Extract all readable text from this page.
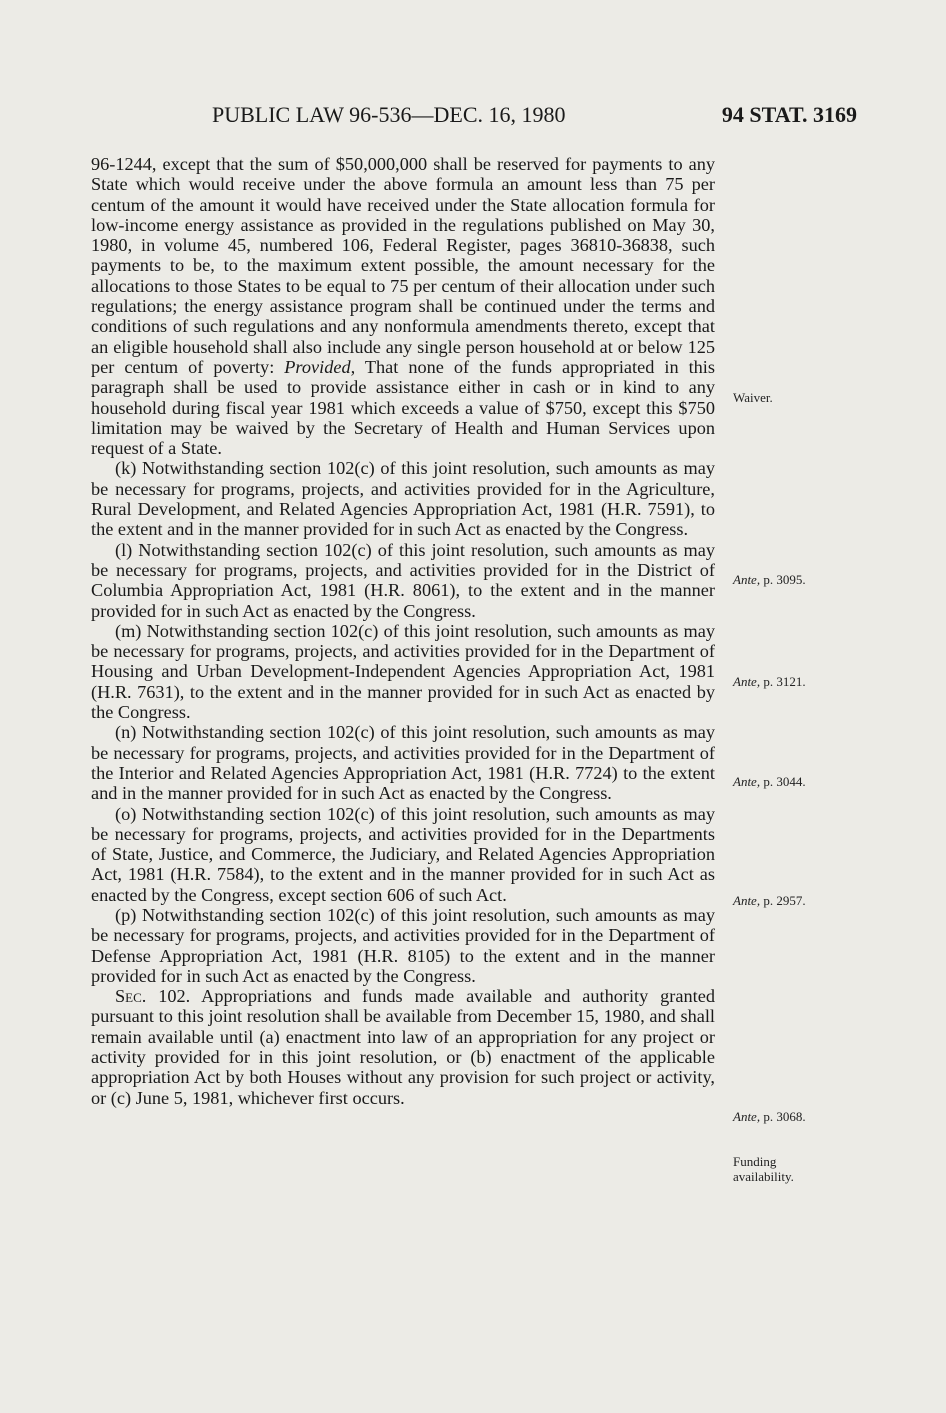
PUBLIC LAW 96-536—DEC. 16, 1980	94 STAT. 3169

96-1244, except that the sum of $50,000,000 shall be reserved for payments to any State which would receive under the above formula an amount less than 75 per centum of the amount it would have received under the State allocation formula for low-income energy assistance as provided in the regulations published on May 30, 1980, in volume 45, numbered 106, Federal Register, pages 36810-36838, such payments to be, to the maximum extent possible, the amount necessary for the allocations to those States to be equal to 75 per centum of their allocation under such regulations; the energy assistance program shall be continued under the terms and conditions of such regulations and any nonformula amendments thereto, except that an eligible household shall also include any single person household at or below 125 per centum of poverty: Provided, That none of the funds appropriated in this paragraph shall be used to provide assistance either in cash or in kind to any household during fiscal year 1981 which exceeds a value of $750, except this $750 limitation may be waived by the Secretary of Health and Human Services upon request of a State.

(k) Notwithstanding section 102(c) of this joint resolution, such amounts as may be necessary for programs, projects, and activities provided for in the Agriculture, Rural Development, and Related Agencies Appropriation Act, 1981 (H.R. 7591), to the extent and in the manner provided for in such Act as enacted by the Congress.

(l) Notwithstanding section 102(c) of this joint resolution, such amounts as may be necessary for programs, projects, and activities provided for in the District of Columbia Appropriation Act, 1981 (H.R. 8061), to the extent and in the manner provided for in such Act as enacted by the Congress.

(m) Notwithstanding section 102(c) of this joint resolution, such amounts as may be necessary for programs, projects, and activities provided for in the Department of Housing and Urban Development-Independent Agencies Appropriation Act, 1981 (H.R. 7631), to the extent and in the manner provided for in such Act as enacted by the Congress.

(n) Notwithstanding section 102(c) of this joint resolution, such amounts as may be necessary for programs, projects, and activities provided for in the Department of the Interior and Related Agencies Appropriation Act, 1981 (H.R. 7724) to the extent and in the manner provided for in such Act as enacted by the Congress.

(o) Notwithstanding section 102(c) of this joint resolution, such amounts as may be necessary for programs, projects, and activities provided for in the Departments of State, Justice, and Commerce, the Judiciary, and Related Agencies Appropriation Act, 1981 (H.R. 7584), to the extent and in the manner provided for in such Act as enacted by the Congress, except section 606 of such Act.

(p) Notwithstanding section 102(c) of this joint resolution, such amounts as may be necessary for programs, projects, and activities provided for in the Department of Defense Appropriation Act, 1981 (H.R. 8105) to the extent and in the manner provided for in such Act as enacted by the Congress.

Sec. 102. Appropriations and funds made available and authority granted pursuant to this joint resolution shall be available from December 15, 1980, and shall remain available until (a) enactment into law of an appropriation for any project or activity provided for in this joint resolution, or (b) enactment of the applicable appropriation Act by both Houses without any provision for such project or activity, or (c) June 5, 1981, whichever first occurs.

Waiver.
Ante, p. 3095.
Ante, p. 3121.
Ante, p. 3044.
Ante, p. 2957.
Ante, p. 3068.
Funding
availability.
